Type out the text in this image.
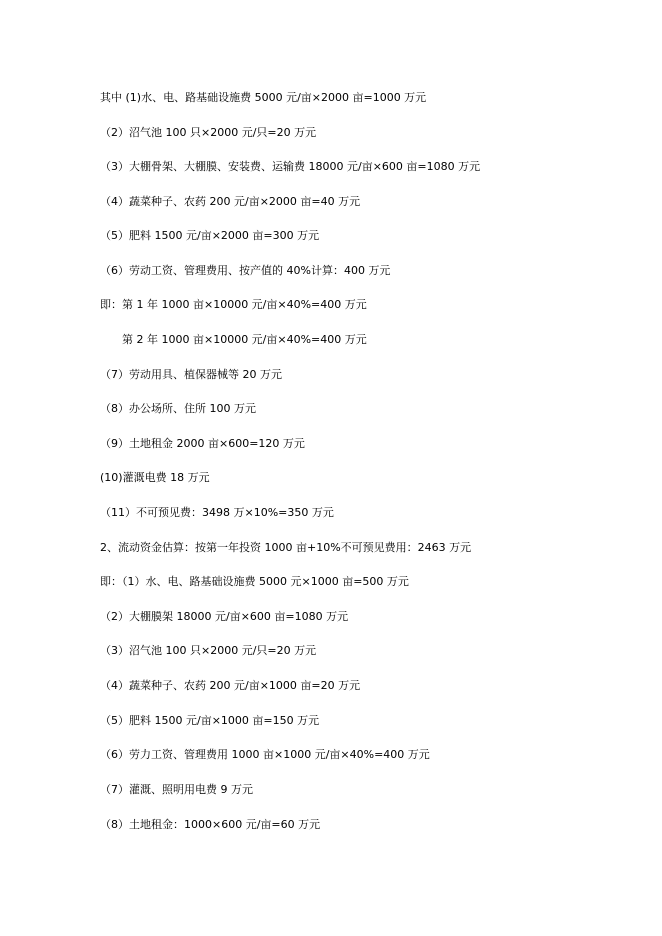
其中 (1)水、电、路基础设施费 5000 元/亩×2000 亩=1000 万元
（2）沼气池 100 只×2000 元/只=20 万元
（3）大棚骨架、大棚膜、安装费、运输费 18000 元/亩×600 亩=1080 万元
（4）蔬菜种子、农药 200 元/亩×2000 亩=40 万元
（5）肥料 1500 元/亩×2000 亩=300 万元
（6）劳动工资、管理费用、按产值的 40%计算：400 万元
即：第 1 年 1000 亩×10000 元/亩×40%=400 万元
第 2 年 1000 亩×10000 元/亩×40%=400 万元
（7）劳动用具、植保器械等 20 万元
（8）办公场所、住所 100 万元
（9）土地租金 2000 亩×600=120 万元
(10)灌溉电费 18 万元
（11）不可预见费：3498 万×10%=350 万元
2、流动资金估算：按第一年投资 1000 亩+10%不可预见费用：2463 万元
即：（1）水、电、路基础设施费 5000 元×1000 亩=500 万元
（2）大棚膜架 18000 元/亩×600 亩=1080 万元
（3）沼气池 100 只×2000 元/只=20 万元
（4）蔬菜种子、农药 200 元/亩×1000 亩=20 万元
（5）肥料 1500 元/亩×1000 亩=150 万元
（6）劳力工资、管理费用 1000 亩×1000 元/亩×40%=400 万元
（7）灌溉、照明用电费 9 万元
（8）土地租金：1000×600 元/亩=60 万元
